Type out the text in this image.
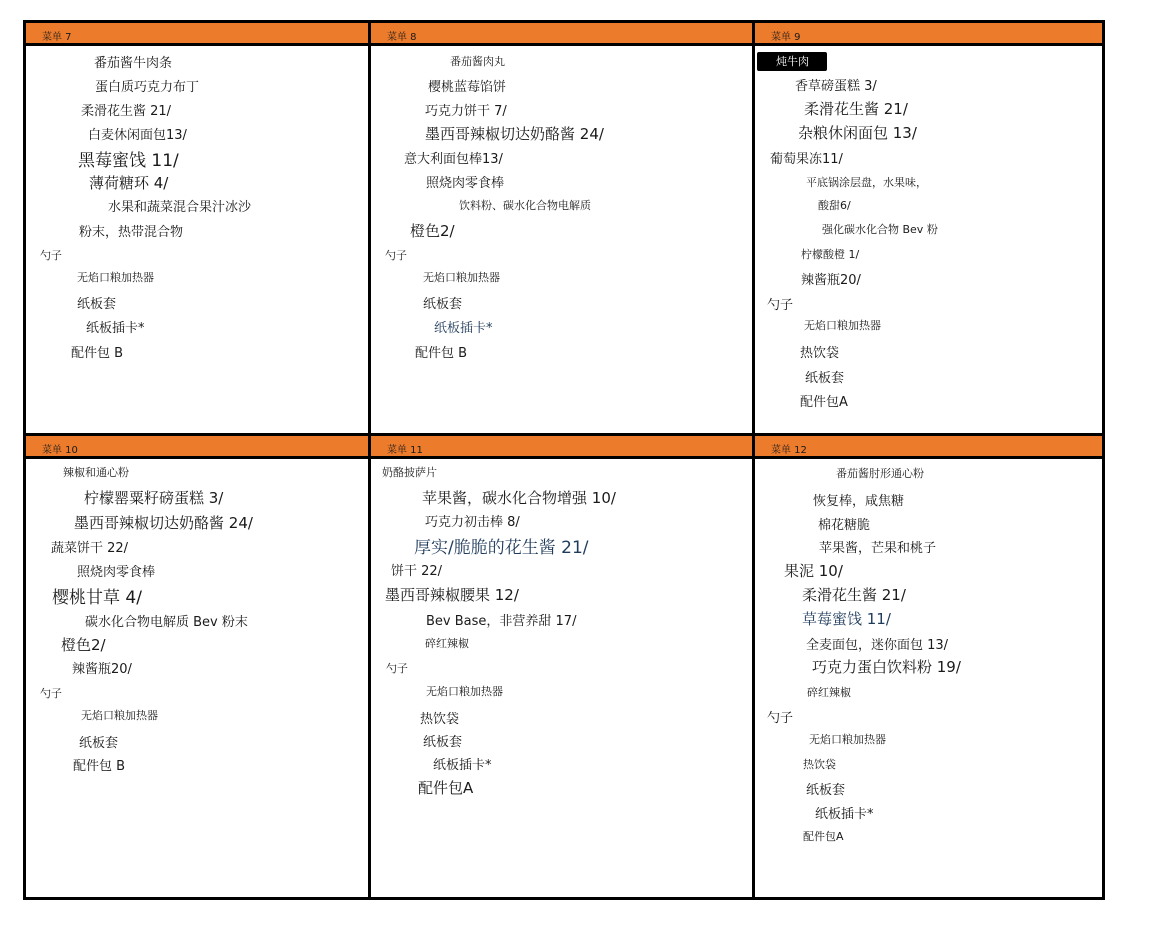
菜单 7
番茄酱牛肉条
蛋白质巧克力布丁
柔滑花生酱 21/
白麦休闲面包13/
黑莓蜜饯 11/
薄荷糖环 4/
水果和蔬菜混合果汁冰沙
粉末，热带混合物
勺子
无焰口粮加热器
纸板套
纸板插卡*
配件包 B
菜单 8
番茄酱肉丸
樱桃蓝莓馅饼
巧克力饼干 7/
墨西哥辣椒切达奶酪酱 24/
意大利面包棒13/
照烧肉零食棒
饮料粉、碳水化合物电解质
橙色2/
勺子
无焰口粮加热器
纸板套
纸板插卡*
配件包 B
菜单 9
炖牛肉
香草磅蛋糕 3/
柔滑花生酱 21/
杂粮休闲面包 13/
葡萄果冻11/
平底锅涂层盘，水果味，
酸甜6/
强化碳水化合物 Bev 粉
柠檬酸橙 1/
辣酱瓶20/
勺子
无焰口粮加热器
热饮袋
纸板套
配件包A
菜单 10
辣椒和通心粉
柠檬罂粟籽磅蛋糕 3/
墨西哥辣椒切达奶酪酱 24/
蔬菜饼干 22/
照烧肉零食棒
樱桃甘草 4/
碳水化合物电解质 Bev 粉末
橙色2/
辣酱瓶20/
勺子
无焰口粮加热器
纸板套
配件包 B
菜单 11
奶酪披萨片
苹果酱，碳水化合物增强 10/
巧克力初击棒 8/
厚实/脆脆的花生酱 21/
饼干 22/
墨西哥辣椒腰果 12/
Bev Base，非营养甜 17/
碎红辣椒
勺子
无焰口粮加热器
热饮袋
纸板套
纸板插卡*
配件包A
菜单 12
番茄酱肘形通心粉
恢复棒，咸焦糖
棉花糖脆
苹果酱，芒果和桃子
果泥 10/
柔滑花生酱 21/
草莓蜜饯 11/
全麦面包，迷你面包 13/
巧克力蛋白饮料粉 19/
碎红辣椒
勺子
无焰口粮加热器
热饮袋
纸板套
纸板插卡*
配件包A
